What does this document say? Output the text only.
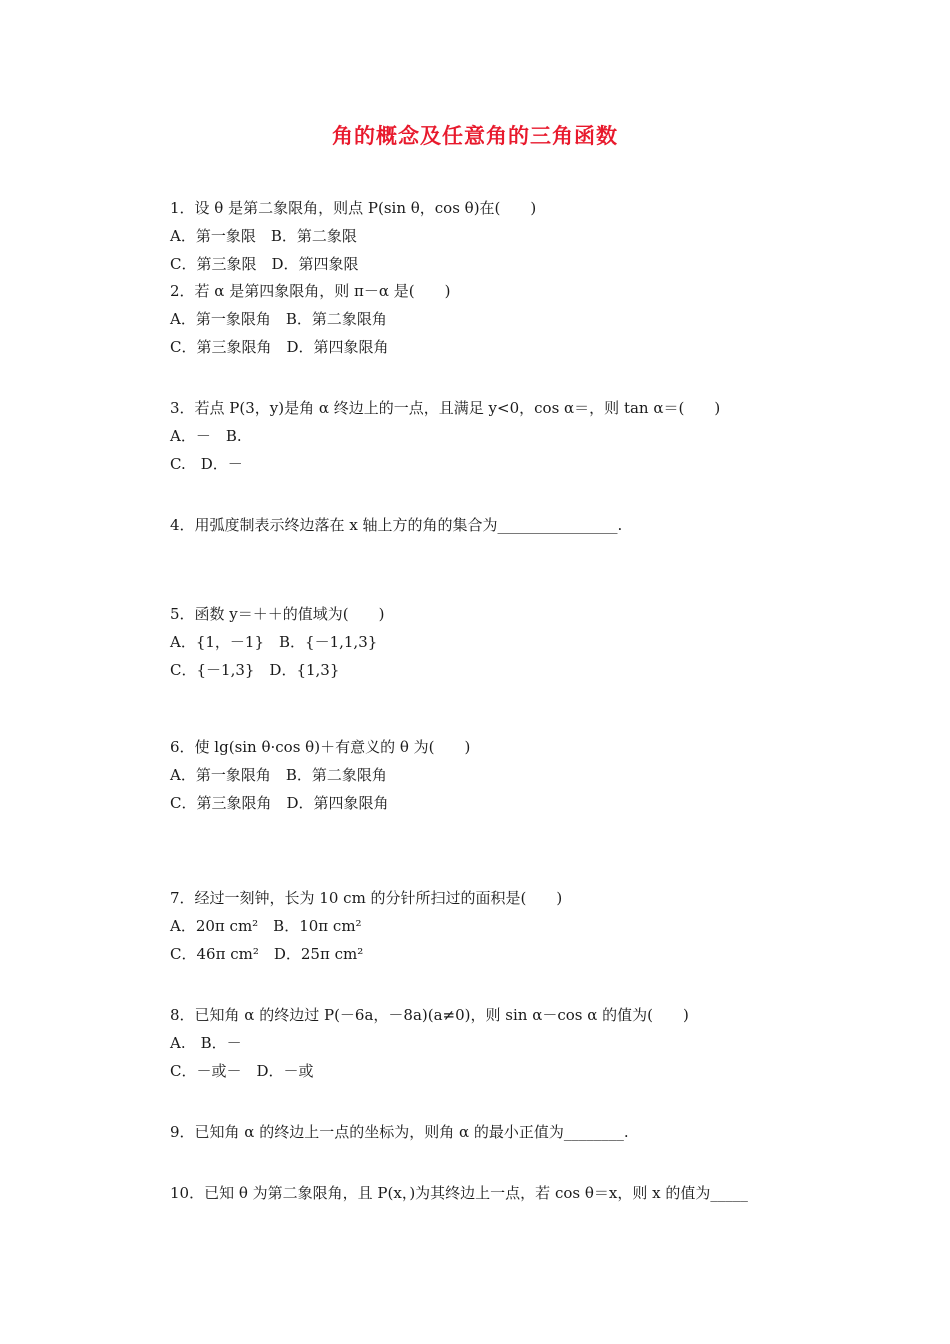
角的概念及任意角的三角函数
1．设 θ 是第二象限角，则点 P(sin θ，cos θ)在(　　)
A．第一象限　B．第二象限
C．第三象限　D．第四象限
2．若 α 是第四象限角，则 π－α 是(　　)
A．第一象限角　B．第二象限角
C．第三象限角　D．第四象限角
3．若点 P(3，y)是角 α 终边上的一点，且满足 y<0，cos α＝，则 tan α＝(　　)
A．－　B.
C.　D．－
4．用弧度制表示终边落在 x 轴上方的角的集合为________________.
5．函数 y＝＋＋的值域为(　　)
A．{1，－1}　B．{－1,1,3}
C．{－1,3}　D．{1,3}
6．使 lg(sin θ·cos θ)＋有意义的 θ 为(　　)
A．第一象限角　B．第二象限角
C．第三象限角　D．第四象限角
7．经过一刻钟，长为 10 cm 的分针所扫过的面积是(　　)
A．20π cm²　B．10π cm²
C．46π cm²　D．25π cm²
8．已知角 α 的终边过 P(－6a，－8a)(a≠0)，则 sin α－cos α 的值为(　　)
A.　B．－
C．－或－　D．－或
9．已知角 α 的终边上一点的坐标为，则角 α 的最小正值为________.
10．已知 θ 为第二象限角，且 P(x，)为其终边上一点，若 cos θ＝x，则 x 的值为_____
